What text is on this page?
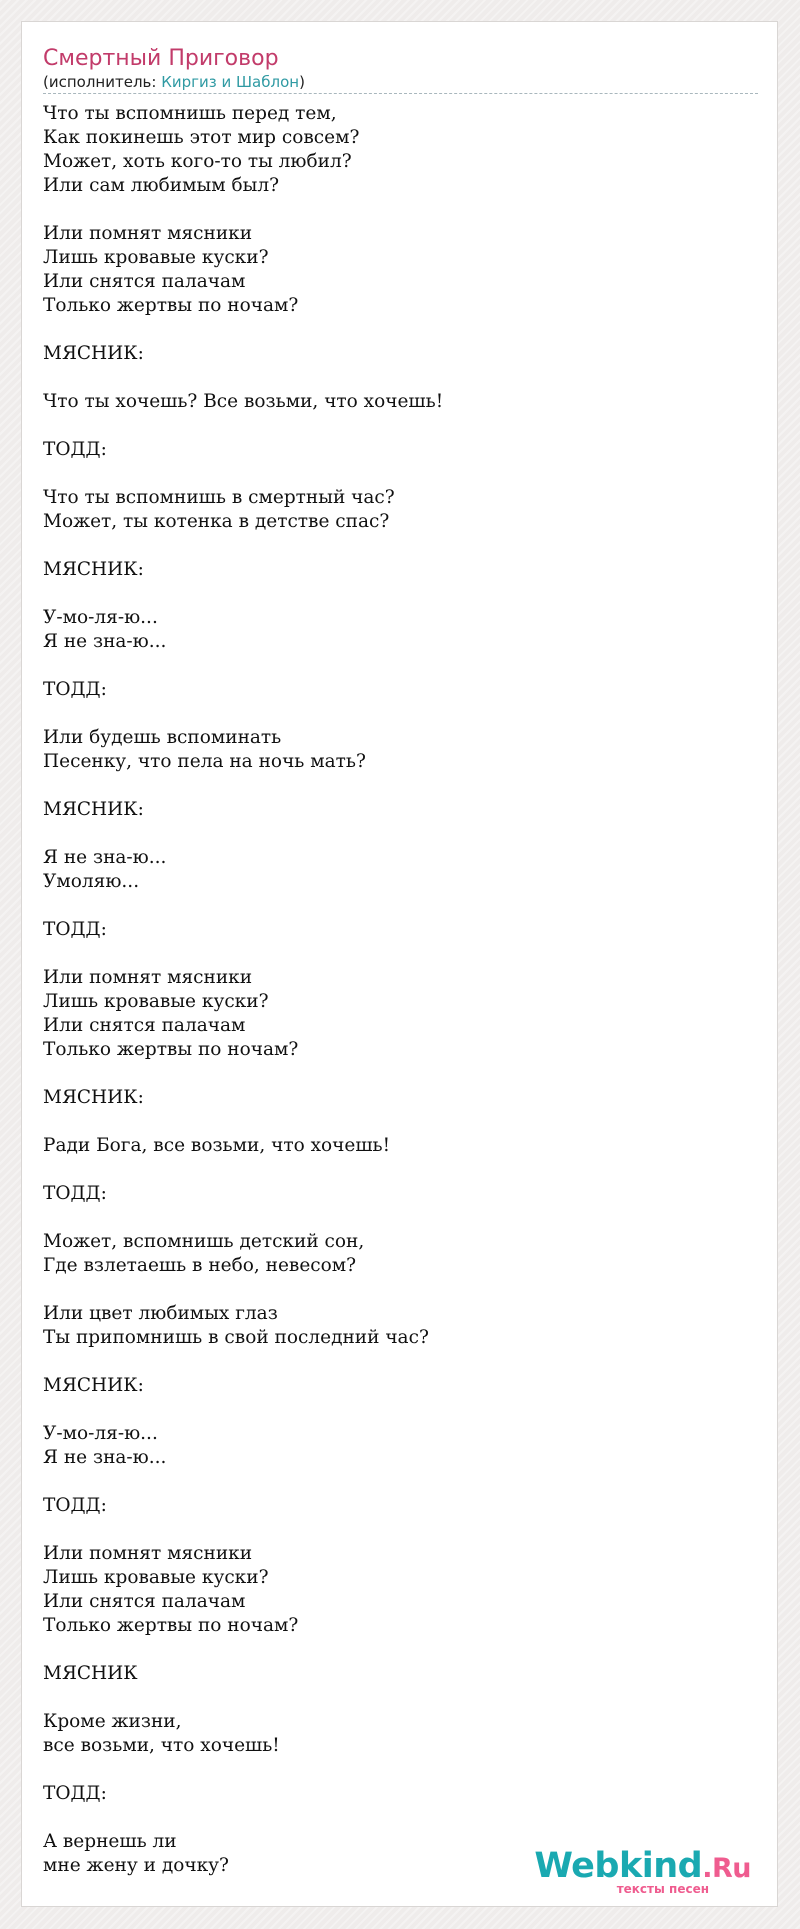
Смертный Приговор
(исполнитель: Киргиз и Шаблон)
Что ты вспомнишь перед тем,
Как покинешь этот мир совсем?
Может, хоть кого-то ты любил?
Или сам любимым был?

Или помнят мясники
Лишь кровавые куски?
Или снятся палачам
Только жертвы по ночам?

МЯСНИК:

Что ты хочешь? Все возьми, что хочешь!

ТОДД:

Что ты вспомнишь в смертный час?
Может, ты котенка в детстве спас?

МЯСНИК:

У-мо-ля-ю...
Я не зна-ю...

ТОДД:

Или будешь вспоминать
Песенку, что пела на ночь мать?

МЯСНИК:

Я не зна-ю...
Умоляю...

ТОДД:

Или помнят мясники
Лишь кровавые куски?
Или снятся палачам
Только жертвы по ночам?

МЯСНИК:

Ради Бога, все возьми, что хочешь!

ТОДД:

Может, вспомнишь детский сон,
Где взлетаешь в небо, невесом?

Или цвет любимых глаз
Ты припомнишь в свой последний час?

МЯСНИК:

У-мо-ля-ю...
Я не зна-ю...

ТОДД:

Или помнят мясники
Лишь кровавые куски?
Или снятся палачам
Только жертвы по ночам?

МЯСНИК

Кроме жизни,
все возьми, что хочешь!

ТОДД:

А вернешь ли
мне жену и дочку?	Webkind.Ru
тексты песен
